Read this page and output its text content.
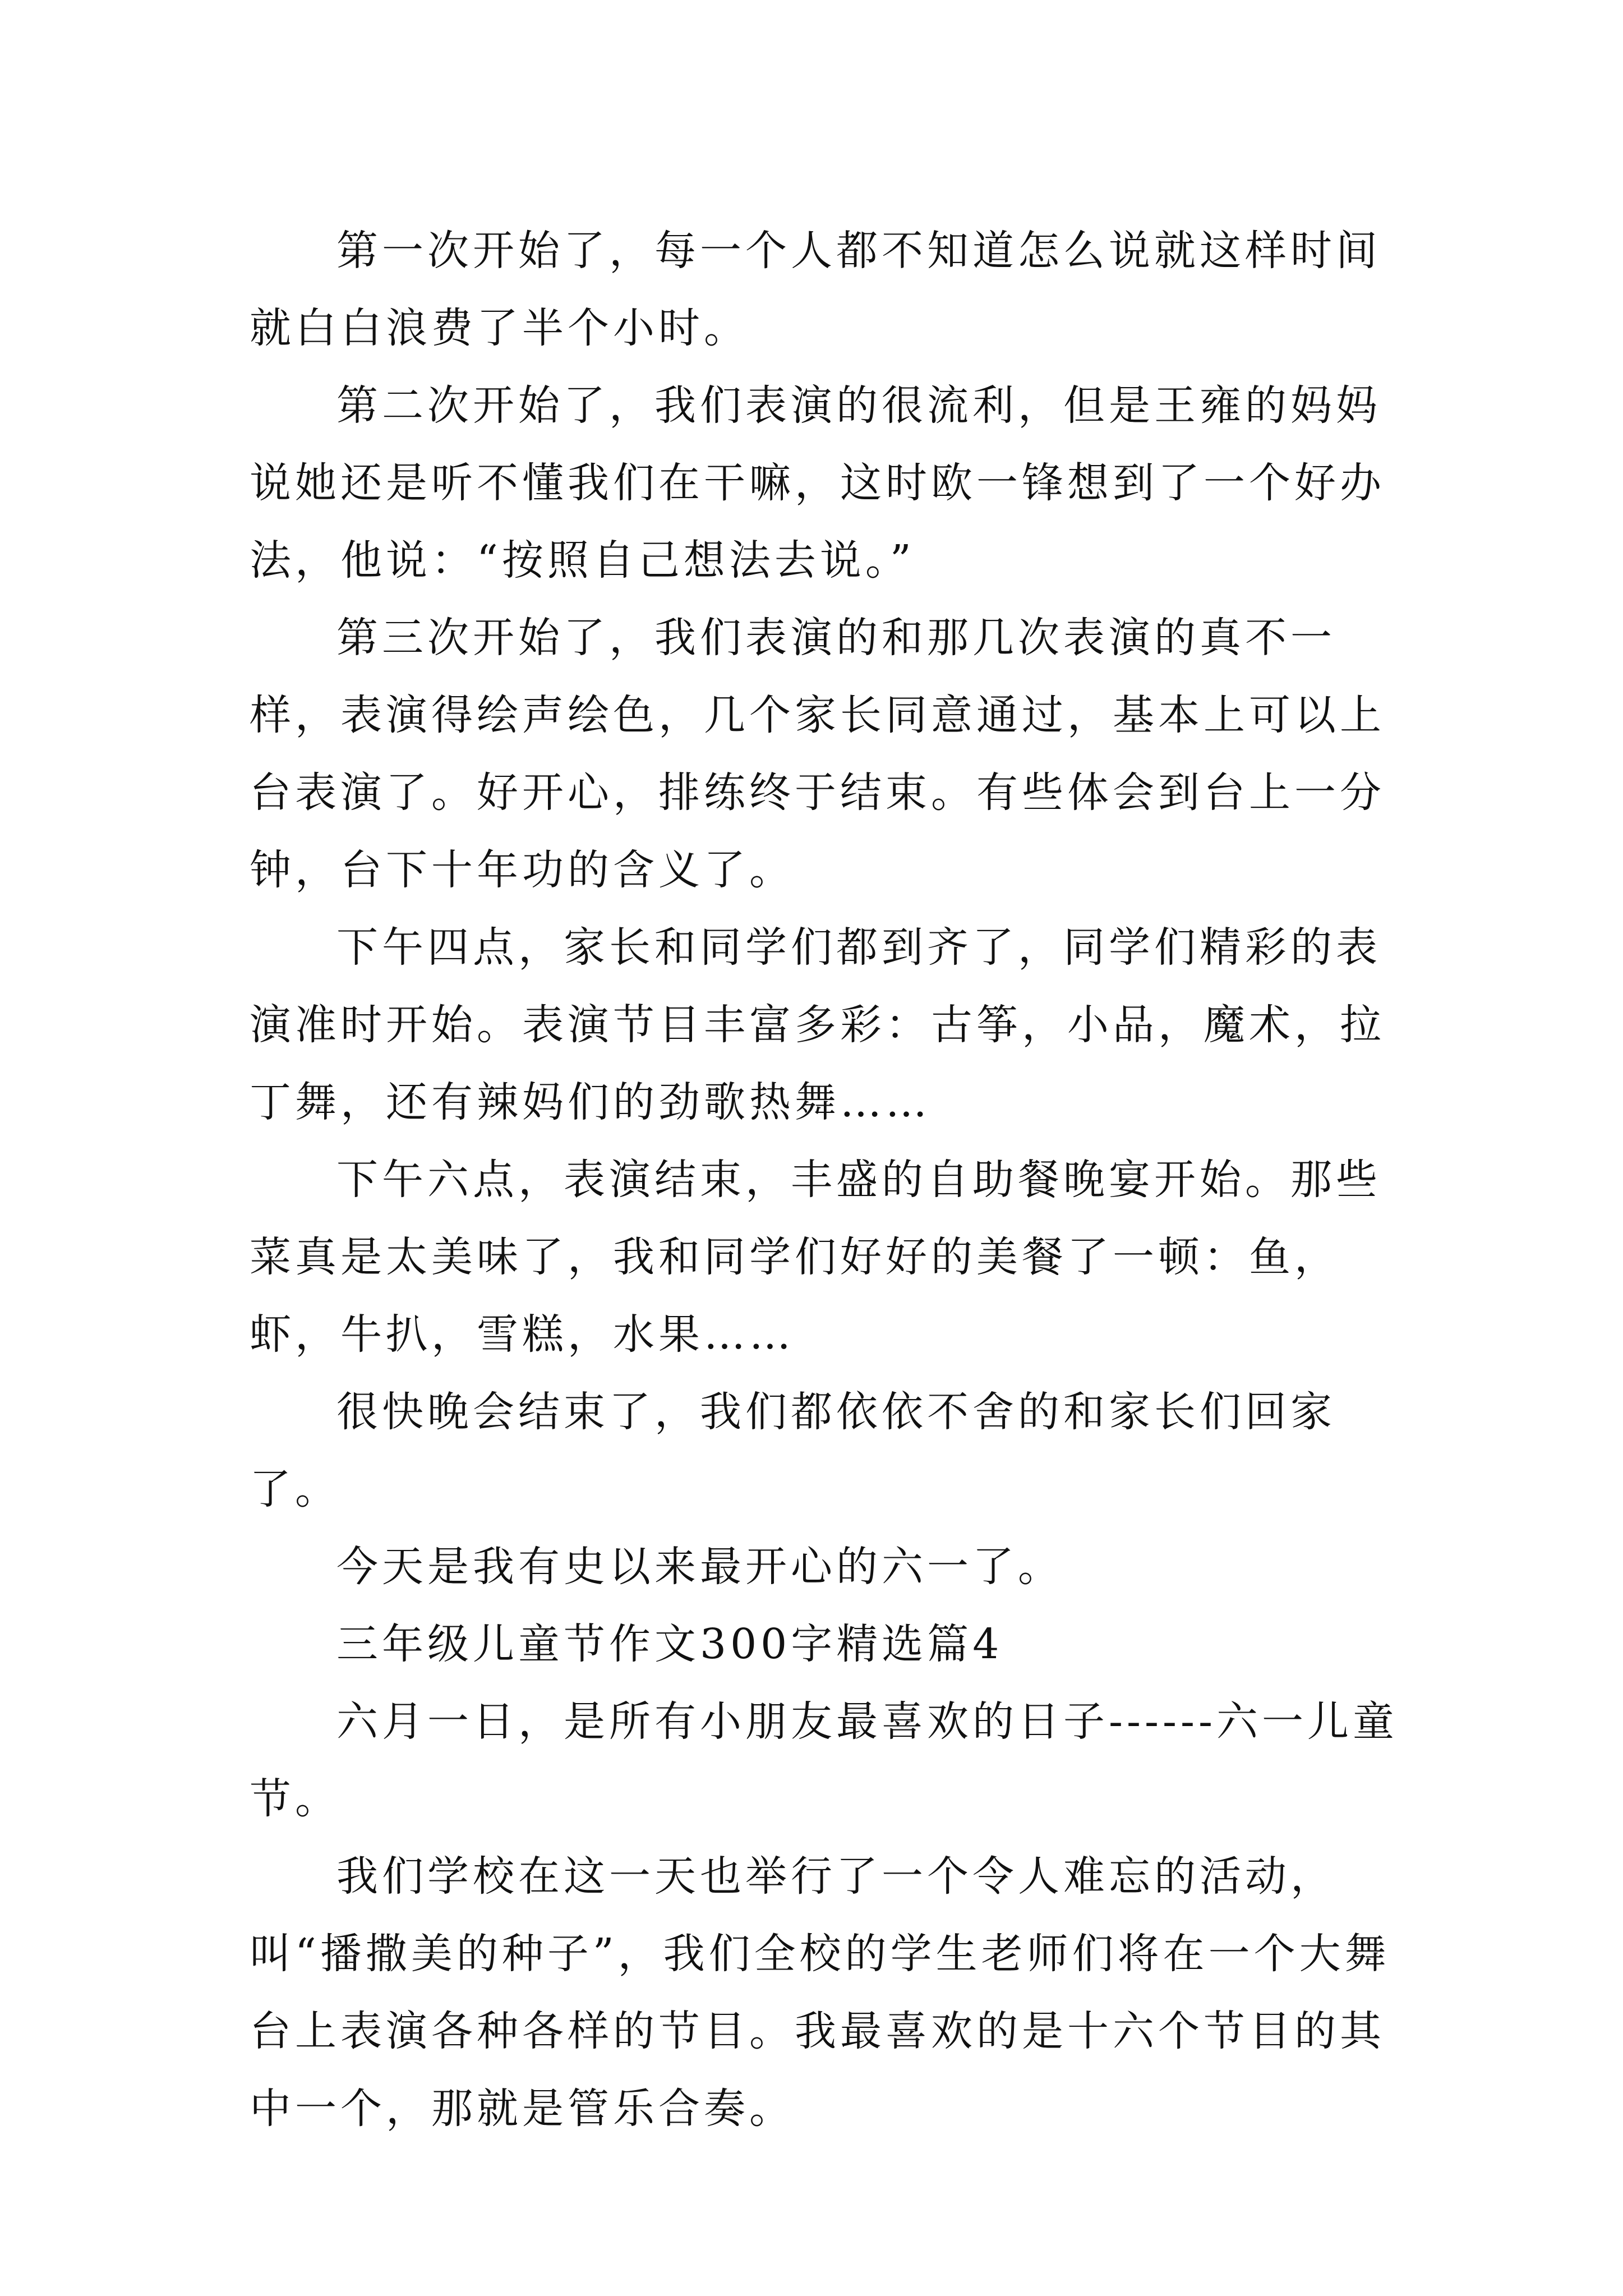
第一次开始了，每一个人都不知道怎么说就这样时间就白白浪费了半个小时。

第二次开始了，我们表演的很流利，但是王雍的妈妈说她还是听不懂我们在干嘛，这时欧一锋想到了一个好办法，他说：“按照自己想法去说。”

第三次开始了，我们表演的和那几次表演的真不一样，表演得绘声绘色，几个家长同意通过，基本上可以上台表演了。好开心，排练终于结束。有些体会到台上一分钟，台下十年功的含义了。

下午四点，家长和同学们都到齐了，同学们精彩的表演准时开始。表演节目丰富多彩：古筝，小品，魔术，拉丁舞，还有辣妈们的劲歌热舞……

下午六点，表演结束，丰盛的自助餐晚宴开始。那些菜真是太美味了，我和同学们好好的美餐了一顿：鱼，虾，牛扒，雪糕，水果……

很快晚会结束了，我们都依依不舍的和家长们回家了。

今天是我有史以来最开心的六一了。

三年级儿童节作文300字精选篇4

六月一日，是所有小朋友最喜欢的日子------六一儿童节。

我们学校在这一天也举行了一个令人难忘的活动，叫“播撒美的种子”，我们全校的学生老师们将在一个大舞台上表演各种各样的节目。我最喜欢的是十六个节目的其中一个，那就是管乐合奏。
